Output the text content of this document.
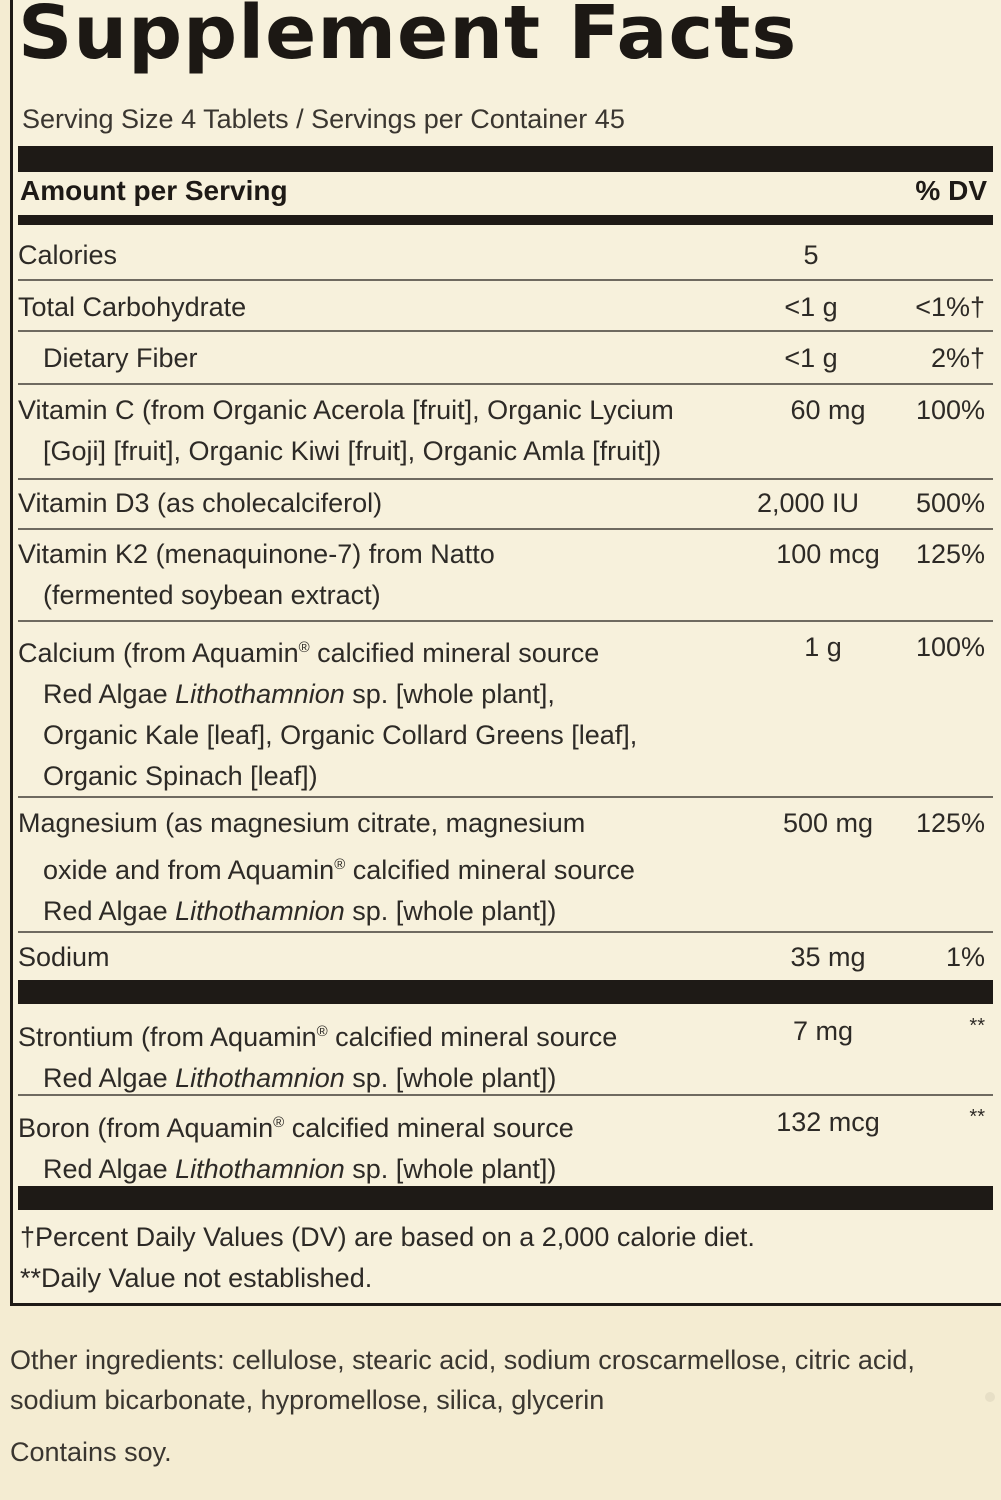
Supplement Facts
Serving Size 4 Tablets / Servings per Container 45
Amount per Serving	% DV
Calories	5
Total Carbohydrate	<1 g	<1%†
Dietary Fiber	<1 g	2%†
Vitamin C (from Organic Acerola [fruit], Organic Lycium
[Goji] [fruit], Organic Kiwi [fruit], Organic Amla [fruit])
60 mg	100%
Vitamin D3 (as cholecalciferol)	2,000 IU	500%
Vitamin K2 (menaquinone-7) from Natto
(fermented soybean extract)
100 mcg	125%
Calcium (from Aquamin® calcified mineral source
Red Algae Lithothamnion sp. [whole plant],
Organic Kale [leaf], Organic Collard Greens [leaf],
Organic Spinach [leaf])
1 g	100%
Magnesium (as magnesium citrate, magnesium
oxide and from Aquamin® calcified mineral source
Red Algae Lithothamnion sp. [whole plant])
500 mg	125%
Sodium	35 mg	1%
Strontium (from Aquamin® calcified mineral source
Red Algae Lithothamnion sp. [whole plant])
7 mg	**
Boron (from Aquamin® calcified mineral source
Red Algae Lithothamnion sp. [whole plant])
132 mcg	**
†Percent Daily Values (DV) are based on a 2,000 calorie diet.
**Daily Value not established.
Other ingredients: cellulose, stearic acid, sodium croscarmellose, citric acid,
sodium bicarbonate, hypromellose, silica, glycerin
Contains soy.
